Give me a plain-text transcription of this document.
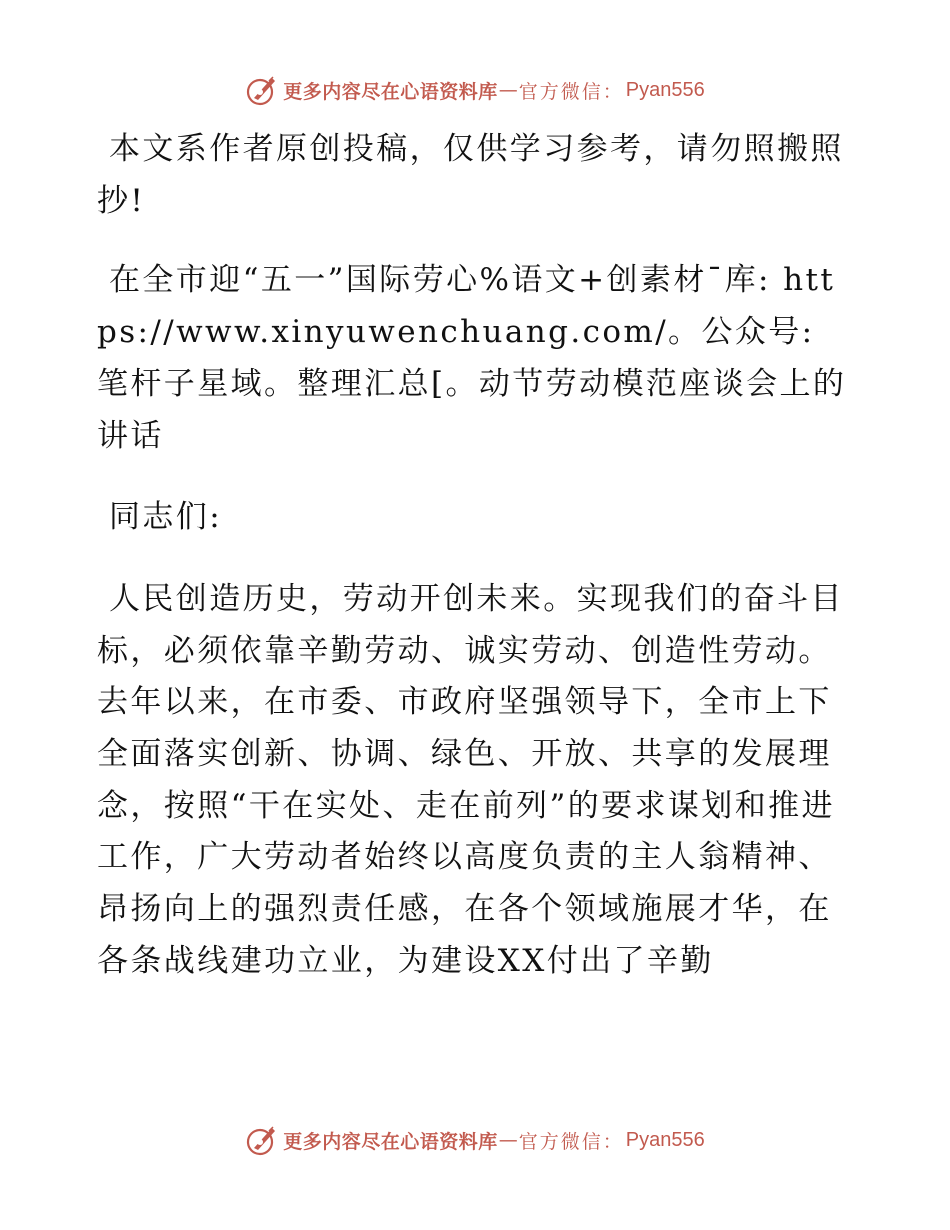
更多内容尽在心语资料库 — 官方微信： Pyan556

本文系作者原创投稿，仅供学习参考，请勿照搬照抄!

在全市迎“五一”国际劳心%语文+创素材¯库: https://www.xinyuwenchuang.com/。公众号: 笔杆子星域。整理汇总[。动节劳动模范座谈会上的讲话

同志们:

人民创造历史，劳动开创未来。实现我们的奋斗目标，必须依靠辛勤劳动、诚实劳动、创造性劳动。去年以来，在市委、市政府坚强领导下，全市上下全面落实创新、协调、绿色、开放、共享的发展理念，按照“干在实处、走在前列”的要求谋划和推进工作，广大劳动者始终以高度负责的主人翁精神、昂扬向上的强烈责任感，在各个领域施展才华，在各条战线建功立业，为建设XX付出了辛勤

更多内容尽在心语资料库 — 官方微信： Pyan556
